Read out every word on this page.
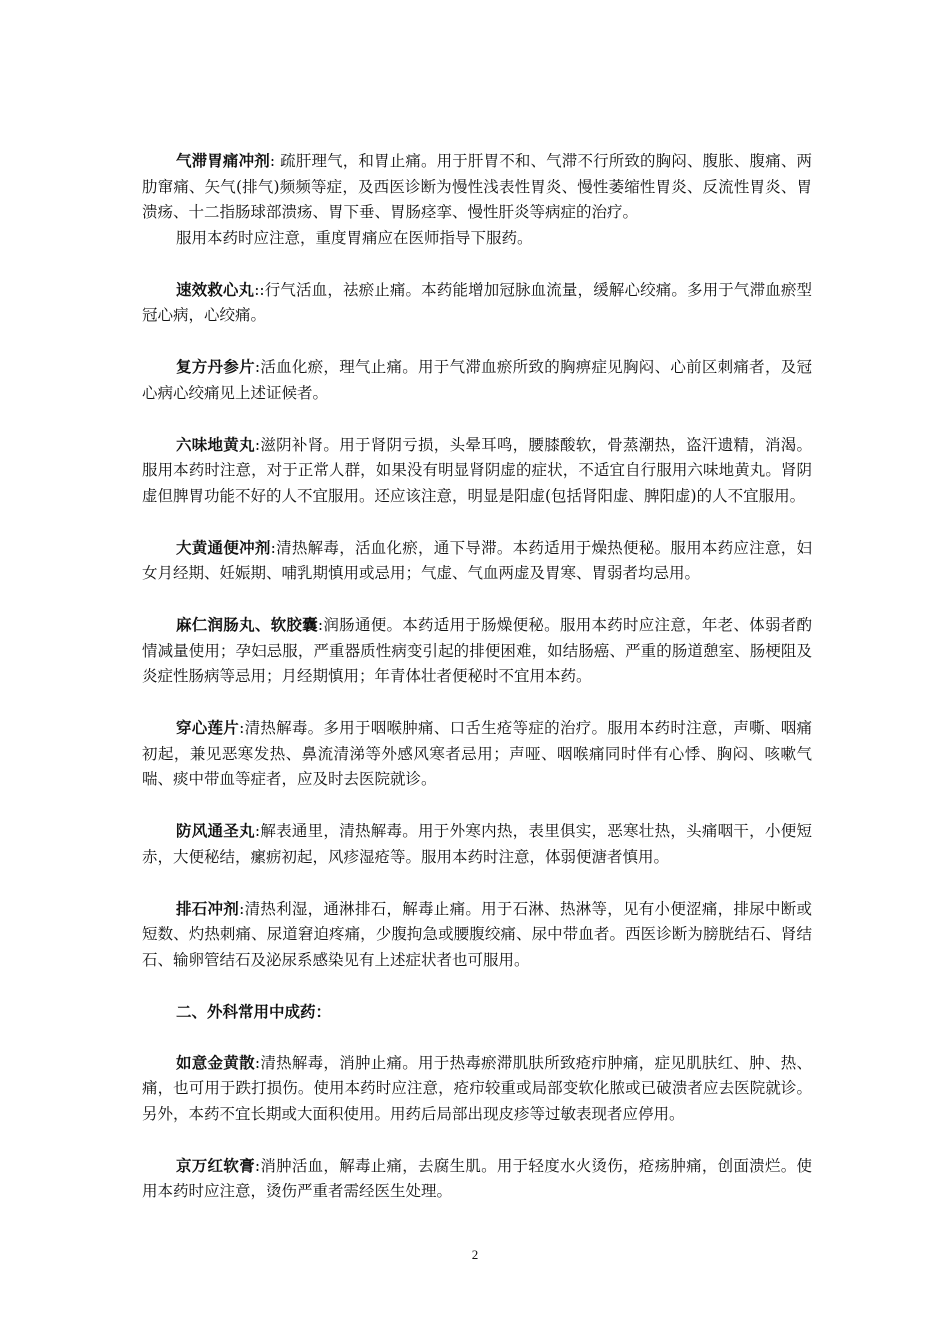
气滞胃痛冲剂: 疏肝理气，和胃止痛。用于肝胃不和、气滞不行所致的胸闷、腹胀、腹痛、两肋窜痛、矢气(排气)频频等症，及西医诊断为慢性浅表性胃炎、慢性萎缩性胃炎、反流性胃炎、胃溃疡、十二指肠球部溃疡、胃下垂、胃肠痉挛、慢性肝炎等病症的治疗。

服用本药时应注意，重度胃痛应在医师指导下服药。

速效救心丸::行气活血，祛瘀止痛。本药能增加冠脉血流量，缓解心绞痛。多用于气滞血瘀型冠心病，心绞痛。

复方丹参片:活血化瘀，理气止痛。用于气滞血瘀所致的胸痹症见胸闷、心前区刺痛者，及冠心病心绞痛见上述证候者。

六味地黄丸:滋阴补肾。用于肾阴亏损，头晕耳鸣，腰膝酸软，骨蒸潮热，盗汗遗精，消渴。服用本药时注意，对于正常人群，如果没有明显肾阴虚的症状，不适宜自行服用六味地黄丸。肾阴虚但脾胃功能不好的人不宜服用。还应该注意，明显是阳虚(包括肾阳虚、脾阳虚)的人不宜服用。

大黄通便冲剂:清热解毒，活血化瘀，通下导滞。本药适用于燥热便秘。服用本药应注意，妇女月经期、妊娠期、哺乳期慎用或忌用；气虚、气血两虚及胃寒、胃弱者均忌用。

麻仁润肠丸、软胶囊:润肠通便。本药适用于肠燥便秘。服用本药时应注意，年老、体弱者酌情减量使用；孕妇忌服，严重器质性病变引起的排便困难，如结肠癌、严重的肠道憩室、肠梗阻及炎症性肠病等忌用；月经期慎用；年青体壮者便秘时不宜用本药。

穿心莲片:清热解毒。多用于咽喉肿痛、口舌生疮等症的治疗。服用本药时注意，声嘶、咽痛初起，兼见恶寒发热、鼻流清涕等外感风寒者忌用；声哑、咽喉痛同时伴有心悸、胸闷、咳嗽气喘、痰中带血等症者，应及时去医院就诊。

防风通圣丸:解表通里，清热解毒。用于外寒内热，表里俱实，恶寒壮热，头痛咽干，小便短赤，大便秘结，瘰疬初起，风疹湿疮等。服用本药时注意，体弱便溏者慎用。

排石冲剂:清热利湿，通淋排石，解毒止痛。用于石淋、热淋等，见有小便涩痛，排尿中断或短数、灼热刺痛、尿道窘迫疼痛，少腹拘急或腰腹绞痛、尿中带血者。西医诊断为膀胱结石、肾结石、输卵管结石及泌尿系感染见有上述症状者也可服用。

二、外科常用中成药：

如意金黄散:清热解毒，消肿止痛。用于热毒瘀滞肌肤所致疮疖肿痛，症见肌肤红、肿、热、痛，也可用于跌打损伤。使用本药时应注意，疮疖较重或局部变软化脓或已破溃者应去医院就诊。另外，本药不宜长期或大面积使用。用药后局部出现皮疹等过敏表现者应停用。

京万红软膏:消肿活血，解毒止痛，去腐生肌。用于轻度水火烫伤，疮疡肿痛，创面溃烂。使用本药时应注意，烫伤严重者需经医生处理。

2
